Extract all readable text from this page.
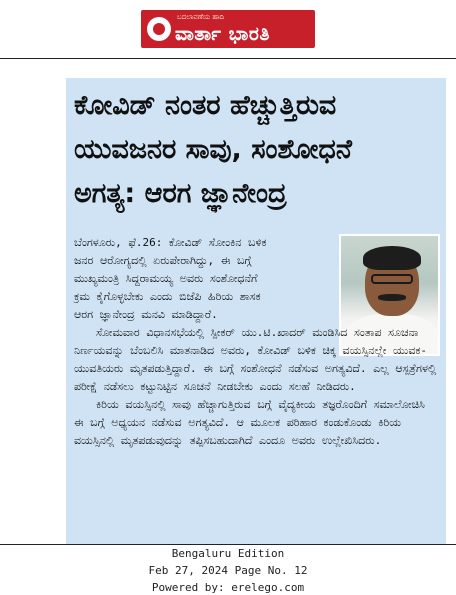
ಬದಲಾವಣೆಯ ಹಾದಿ
ವಾರ್ತಾ ಭಾರತಿ
ಕೋವಿಡ್ ನಂತರ ಹೆಚ್ಚುತ್ತಿರುವ
ಯುವಜನರ ಸಾವು, ಸಂಶೋಧನೆ
ಅಗತ್ಯ: ಆರಗ ಜ್ಞಾನೇಂದ್ರ
ಬೆಂಗಳೂರು, ಫೆ.26: ಕೋವಿಡ್ ಸೋಂಕಿನ ಬಳಿಕ
ಜನರ ಆರೋಗ್ಯದಲ್ಲಿ ಏರುಪೇರಾಗಿದ್ದು, ಈ ಬಗ್ಗೆ
ಮುಖ್ಯಮಂತ್ರಿ ಸಿದ್ದರಾಮಯ್ಯ ಅವರು ಸಂಶೋಧನೆಗೆ
ಕ್ರಮ ಕೈಗೊಳ್ಳಬೇಕು ಎಂದು ಬಿಜೆಪಿ ಹಿರಿಯ ಶಾಸಕ
ಆರಗ ಜ್ಞಾನೇಂದ್ರ ಮನವಿ ಮಾಡಿದ್ದಾರೆ.

ಸೋಮವಾರ ವಿಧಾನಸಭೆಯಲ್ಲಿ ಸ್ಪೀಕರ್ ಯು.ಟಿ.ಖಾದರ್ ಮಂಡಿಸಿದ ಸಂತಾಪ ಸೂಚನಾ ನಿರ್ಣಯವನ್ನು ಬೆಂಬಲಿಸಿ ಮಾತನಾಡಿದ ಅವರು, ಕೋವಿಡ್ ಬಳಿಕ ಚಿಕ್ಕ ವಯಸ್ಸಿನಲ್ಲೇ ಯುವಕ-ಯುವತಿಯರು ಮೃತಪಡುತ್ತಿದ್ದಾರೆ. ಈ ಬಗ್ಗೆ ಸಂಶೋಧನೆ ನಡೆಸುವ ಅಗತ್ಯವಿದೆ. ಎಲ್ಲ ಆಸ್ಪತ್ರೆಗಳಲ್ಲಿ ಪರೀಕ್ಷೆ ನಡೆಸಲು ಕಟ್ಟುನಿಟ್ಟಿನ ಸೂಚನೆ ನೀಡಬೇಕು ಎಂದು ಸಲಹೆ ನೀಡಿದರು.

ಕಿರಿಯ ವಯಸ್ಸಿನಲ್ಲಿ ಸಾವು ಹೆಚ್ಚಾಗುತ್ತಿರುವ ಬಗ್ಗೆ ವೈದ್ಯಕೀಯ ತಜ್ಞರೊಂದಿಗೆ ಸಮಾಲೋಚಿಸಿ ಈ ಬಗ್ಗೆ ಅಧ್ಯಯನ ನಡೆಸುವ ಅಗತ್ಯವಿದೆ. ಆ ಮೂಲಕ ಪರಿಹಾರ ಕಂಡುಕೊಂಡು ಕಿರಿಯ ವಯಸ್ಸಿನಲ್ಲಿ ಮೃತಪಡುವುದನ್ನು ತಪ್ಪಿಸಬಹುದಾಗಿದೆ ಎಂದೂ ಅವರು ಉಲ್ಲೇಖಿಸಿದರು.

Bengaluru Edition
Feb 27, 2024 Page No. 12
Powered by: erelego.com
